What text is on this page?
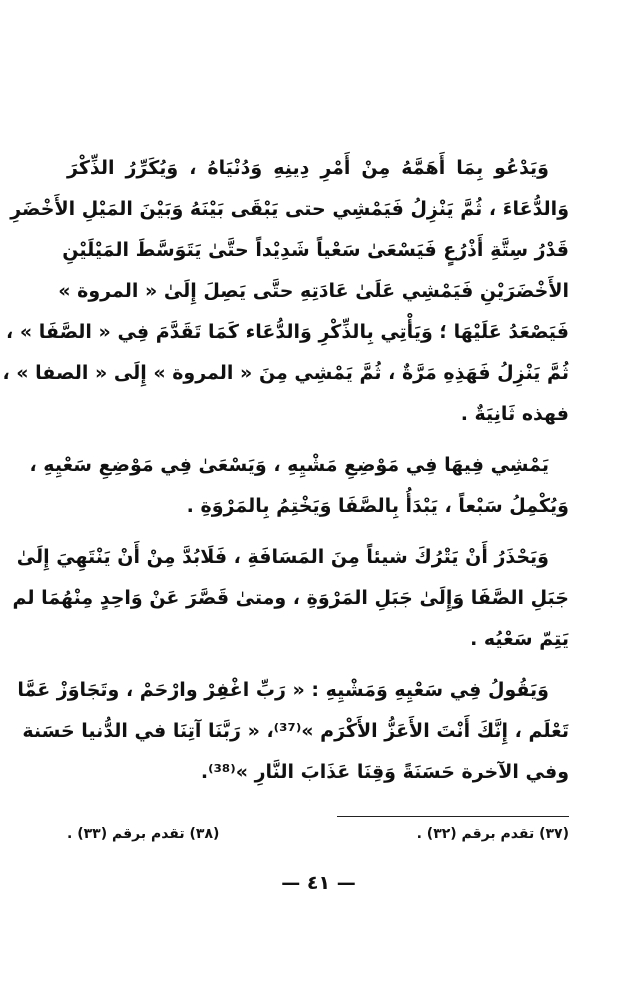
وَيَدْعُو بِمَا أَهَمَّهُ مِنْ أَمْرِ دِينِهِ وَدُنْيَاهُ ، وَيُكَرِّرُ الذِّكْرَ
وَالدُّعَاءَ ، ثُمَّ يَنْزِلُ فَيَمْشِي حتى يَبْقَى بَيْنَهُ وَبَيْنَ المَيْلِ الأَخْضَرِ
قَدْرُ سِتَّةِ أَذْرُعٍ فَيَسْعَىٰ سَعْياً شَدِيْداً حتَّىٰ يَتَوَسَّطَ المَيْلَيْنِ
الأَخْضَرَيْنِ فَيَمْشِي عَلَىٰ عَادَتِهِ حتَّى يَصِلَ إِلَىٰ « المروة »
فَيَصْعَدُ عَلَيْهَا ؛ وَيَأْتِي بِالذِّكْرِ وَالدُّعَاء كَمَا تَقَدَّمَ فِي « الصَّفَا » ،
ثُمَّ يَنْزِلُ فَهَذِهِ مَرَّةٌ ، ثُمَّ يَمْشِي مِنَ « المروة » إِلَى « الصفا » ،
فهذه ثَانِيَةٌ .
يَمْشِي فِيهَا فِي مَوْضِعِ مَشْيِهِ ، وَيَسْعَىٰ فِي مَوْضِعِ سَعْيِهِ ،
وَيُكْمِلُ سَبْعاً ، يَبْدَأُ بِالصَّفَا وَيَخْتِمُ بِالمَرْوَةِ .
وَيَحْذَرُ أَنْ يَتْرُكَ شيئاً مِنَ المَسَافَةِ ، فَلَابُدَّ مِنْ أَنْ يَنْتَهِيَ إِلَىٰ
جَبَلِ الصَّفَا وَإِلَىٰ جَبَلِ المَرْوَةِ ، ومتىٰ قَصَّرَ عَنْ وَاحِدٍ مِنْهُمَا لم
يَتِمّ سَعْيُه .
وَيَقُولُ فِي سَعْيِهِ وَمَشْيِهِ : « رَبِّ اغْفِرْ وارْحَمْ ، وتَجَاوَزْ عَمَّا
تَعْلَم ، إِنَّكَ أَنْتَ الأَعَزُّ الأَكْرَم »⁽³⁷⁾، « رَبَّنَا آتِنَا في الدُّنيا حَسَنة
وفي الآخرة حَسَنَةً وَقِنَا عَذَابَ النَّارِ »⁽³⁸⁾.
(٣٧) تقدم برقم (٣٢) .
(٣٨) تقدم برقم (٣٣) .
— ٤١ —
